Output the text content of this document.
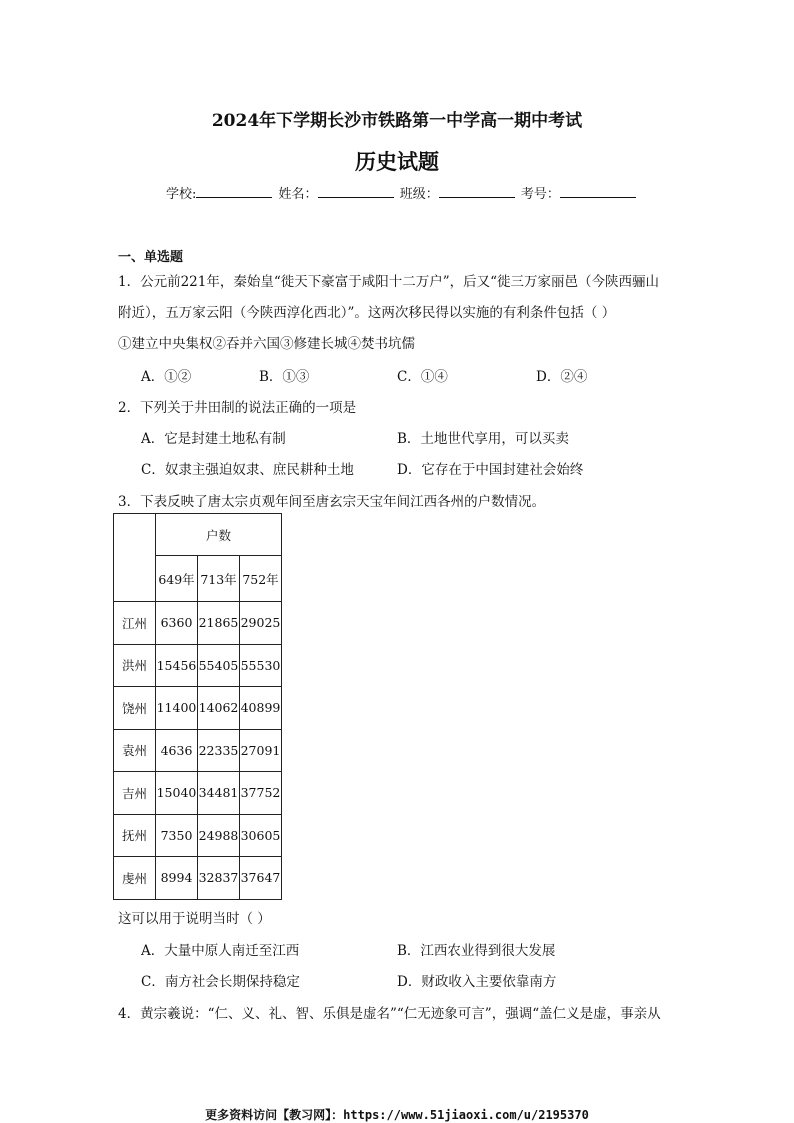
2024年下学期长沙市铁路第一中学高一期中考试
历史试题
学校:	姓名：	班级：	考号：
一、单选题
1．公元前221年，秦始皇“徙天下豪富于咸阳十二万户”，后又“徙三万家丽邑（今陕西骊山
附近），五万家云阳（今陕西淳化西北）”。这两次移民得以实施的有利条件包括（ ）
①建立中央集权②吞并六国③修建长城④焚书坑儒
A．①②	B．①③	C．①④	D．②④
2．下列关于井田制的说法正确的一项是
A．它是封建土地私有制	B．土地世代享用，可以买卖
C．奴隶主强迫奴隶、庶民耕种土地	D．它存在于中国封建社会始终
3．下表反映了唐太宗贞观年间至唐玄宗天宝年间江西各州的户数情况。
	户数		
	649年	713年	752年
江州	6360	21865	29025
洪州	15456	55405	55530
饶州	11400	14062	40899
袁州	4636	22335	27091
吉州	15040	34481	37752
抚州	7350	24988	30605
虔州	8994	32837	37647
这可以用于说明当时（ ）
A．大量中原人南迁至江西	B．江西农业得到很大发展
C．南方社会长期保持稳定	D．财政收入主要依靠南方
4．黄宗羲说：“仁、义、礼、智、乐俱是虚名”“仁无迹象可言”，强调“盖仁义是虚，事亲从
更多资料访问【教习网】：https://www.51jiaoxi.com/u/2195370
